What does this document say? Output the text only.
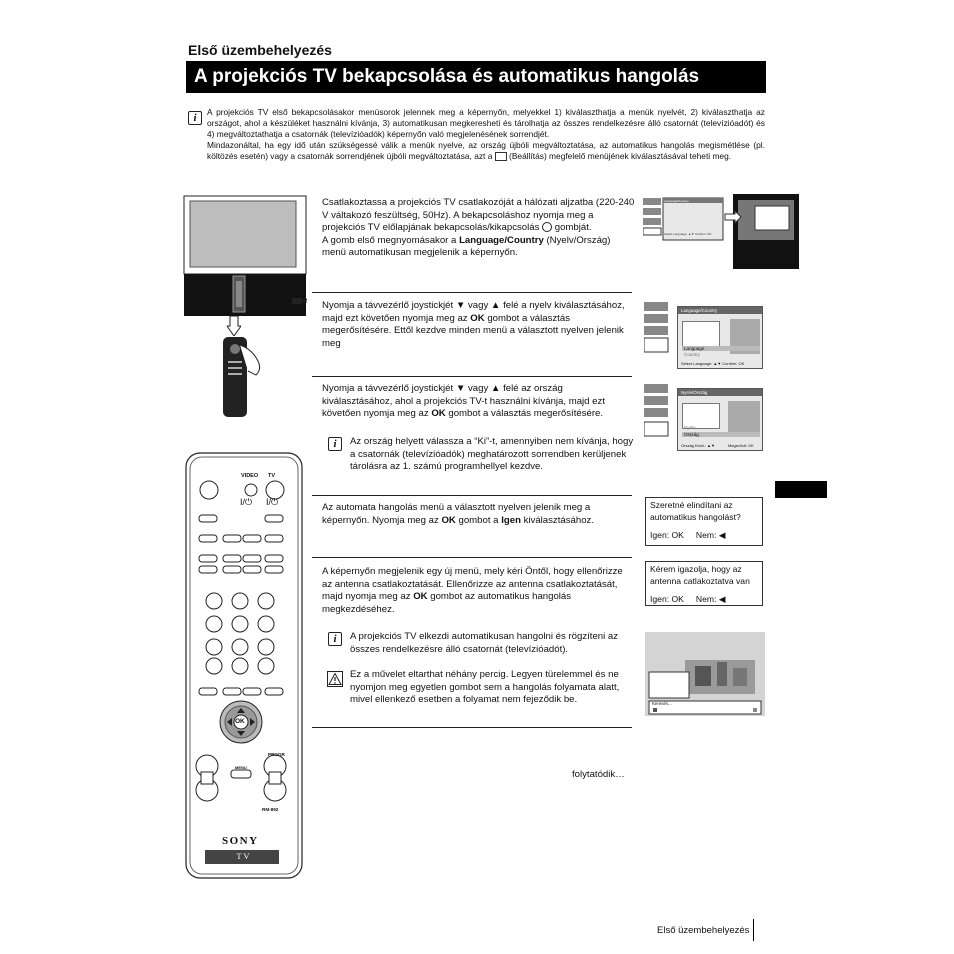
Első üzembehelyezés
A projekciós TV bekapcsolása és automatikus hangolás
i	A projekciós TV első bekapcsolásakor menüsorok jelennek meg a képernyőn, melyekkel 1) kiválaszthatja a menük nyelvét, 2) kiválaszthatja az országot, ahol a készüléket használni kívánja, 3) automatikusan megkeresheti és tárolhatja az összes rendelkezésre álló csatornát (televízióadót) és 4) megváltoztathatja a csatornák (televízióadók) képernyőn való megjelenésének sorrendjét.

Mindazonáltal, ha egy idő után szükségessé válik a menük nyelve, az ország újbóli megváltoztatása, az automatikus hangolás megismétlése (pl. költözés esetén) vagy a csatornák sorrendjének újbóli megváltoztatása, azt a (Beállítás) megfelelő menüjének kiválasztásával teheti meg.

VIDEO TV
I/⏻ I/⏻
OK
MENU
PROGR
RM-892
SONY
T V
Csatlakoztassa a projekciós TV csatlakozóját a hálózati aljzatba (220-240 V váltakozó feszültség, 50Hz). A bekapcsoláshoz nyomja meg a projekciós TV előlapjának bekapcsolás/kikapcsolás gombját.
A gomb első megnyomásakor a Language/Country (Nyelv/Ország) menü automatikusan megjelenik a képernyőn.
Language/Country
Select Language: ▲▼ Confirm: OK
Nyomja a távvezérlő joystickjét ▼ vagy ▲ felé a nyelv kiválasztásához, majd ezt követően nyomja meg az OK gombot a választás megerősítésére. Ettől kezdve minden menü a választott nyelven jelenik meg
Language/Country
Language
Country
Select Language: ▲▼ Confirm: OK
Nyomja a távvezérlő joystickjét ▼ vagy ▲ felé az ország kiválasztásához, ahol a projekciós TV-t használni kívánja, majd ezt követően nyomja meg az OK gombot a választás megerősítésére.
i	Az ország helyett válassza a “Ki”-t, amennyiben nem kívánja, hogy a csatornák (televízióadók) meghatározott sorrendben kerüljenek tárolásra az 1. számú programhellyel kezdve.
Nyelv/Ország
Nyelv
Ország
Ország Kivál.: ▲▼	Megerősít: OK
Az automata hangolás menü a választott nyelven jelenik meg a képernyőn. Nyomja meg az OK gombot a Igen kiválasztásához.
Szeretné elindítani az
automatikus hangolást?
Igen: OK Nem: ◀
A képernyőn megjelenik egy új menü, mely kéri Öntől, hogy ellenőrizze az antenna csatlakoztatását. Ellenőrizze az antenna csatlakoztatását, majd nyomja meg az OK gombot az automatikus hangolás megkezdéséhez.
Kérem igazolja, hogy az
antenna catlakoztatva van
Igen: OK Nem: ◀
i	A projekciós TV elkezdi automatikusan hangolni és rögzíteni az összes rendelkezésre álló csatornát (televízióadót).
Ez a művelet eltarthat néhány percig. Legyen türelemmel és ne nyomjon meg egyetlen gombot sem a hangolás folyamata alatt, mivel ellenkező esetben a folyamat nem fejeződik be.	Keresés...
folytatódik…
Első üzembehelyezés
